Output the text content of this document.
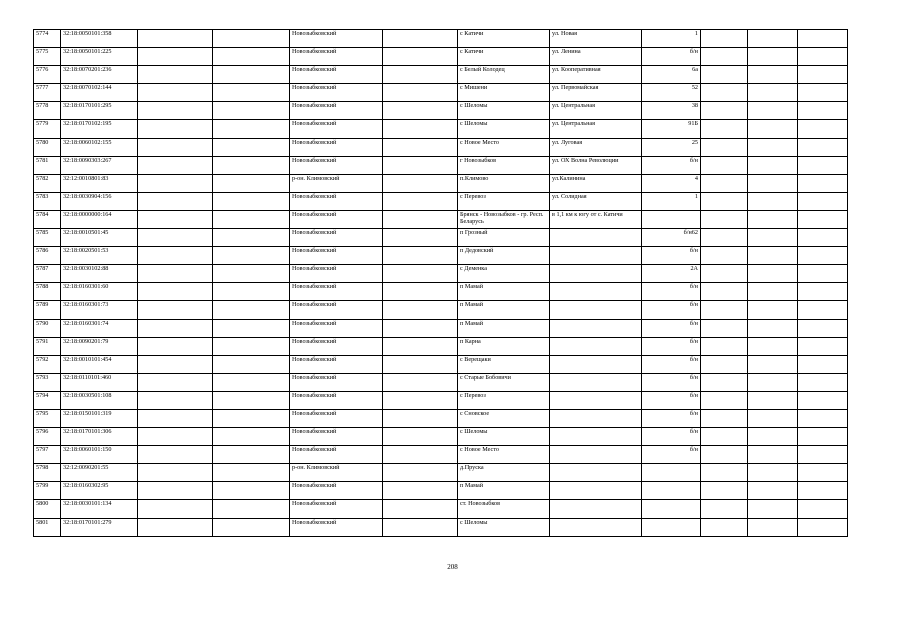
5774	32:18:0050101:358			Новозыбковский		с Катичи	ул. Новая	1			
5775	32:18:0050101:225			Новозыбковский		с Катичи	ул. Ленина	б/н			
5776	32:18:0070201:236			Новозыбковский		с Белый Колодец	ул. Кооперативная	6а			
5777	32:18:0070102:144			Новозыбковский		с Мишени	ул. Первомайская	52			
5778	32:18:0170101:295			Новозыбковский		с Шеломы	ул. Центральная	38			
5779	32:18:0170102:195			Новозыбковский		с Шеломы	ул. Центральная	91Б			
5780	32:18:0060102:155			Новозыбковский		с Новое Место	ул. Луговая	25			
5781	32:18:0090303:267			Новозыбковский		г Новозыбков	ул. ОХ Волна Революции	б/н			
5782	32:12:0010801:83			р-он. Климовский		п.Климово	ул.Калинина	4			
5783	32:18:0030904:156			Новозыбковский		с Перевоз	ул. Солидная	1			
5784	32:18:0000000:164			Новозыбковский		Брянск - Новозыбков - гр. Респ. Беларусь	в 1,1 км к югу от с. Катичи				
5785	32:18:0010501:45			Новозыбковский		п Грозный		б/н62			
5786	32:18:0020501:53			Новозыбковский		п Дедовский		б/н			
5787	32:18:0030102:88			Новозыбковский		с Деменка		2А			
5788	32:18:0160301:60			Новозыбковский		п Мамай		б/н			
5789	32:18:0160301:73			Новозыбковский		п Мамай		б/н			
5790	32:18:0160301:74			Новозыбковский		п Мамай		б/н			
5791	32:18:0090201:79			Новозыбковский		п Карна		б/н			
5792	32:18:0010101:454			Новозыбковский		с Верещаки		б/н			
5793	32:18:0110101:460			Новозыбковский		с Старые Бобовичи		б/н			
5794	32:18:0030501:108			Новозыбковский		с Перевоз		б/н			
5795	32:18:0150101:319			Новозыбковский		с Сновское		б/н			
5796	32:18:0170101:306			Новозыбковский		с Шеломы		б/н			
5797	32:18:0060101:150			Новозыбковский		с Новое Место		б/н			
5798	32:12:0090201:55			р-он. Климовский		д.Пруска					
5799	32:18:0160302:95			Новозыбковский		п Мамай					
5800	32:18:0030101:134			Новозыбковский		ст. Новозыбков					
5801	32:18:0170101:279			Новозыбковский		с Шеломы					
208
